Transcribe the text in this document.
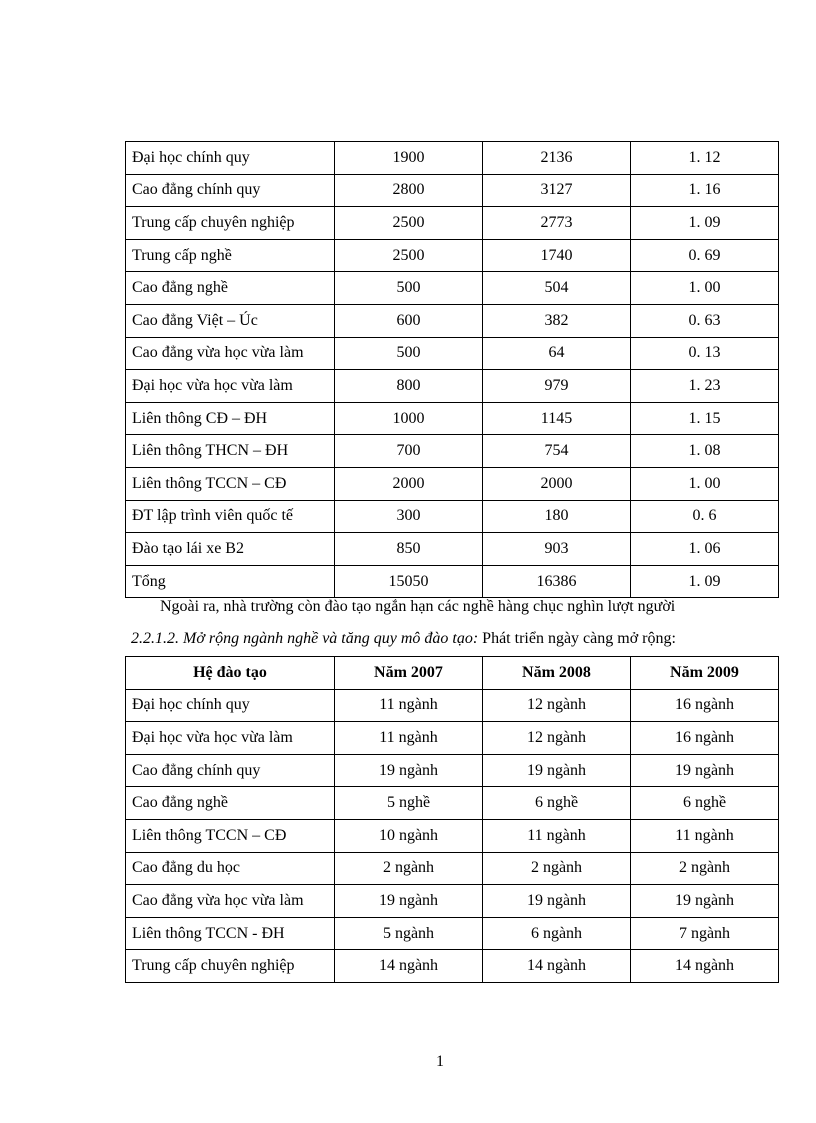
Đại học chính quy	1900	2136	1. 12
Cao đẳng chính quy	2800	3127	1. 16
Trung cấp chuyên nghiệp	2500	2773	1. 09
Trung cấp nghề	2500	1740	0. 69
Cao đẳng nghề	500	504	1. 00
Cao đẳng Việt – Úc	600	382	0. 63
Cao đẳng vừa học vừa làm	500	64	0. 13
Đại học vừa học vừa làm	800	979	1. 23
Liên thông CĐ – ĐH	1000	1145	1. 15
Liên thông THCN – ĐH	700	754	1. 08
Liên thông TCCN – CĐ	2000	2000	1. 00
ĐT lập trình viên quốc tế	300	180	0. 6
Đào tạo lái xe B2	850	903	1. 06
Tổng	15050	16386	1. 09
Ngoài ra, nhà trường còn đào tạo ngắn hạn các nghề hàng chục nghìn lượt người
2.2.1.2. Mở rộng ngành nghề và tăng quy mô đào tạo: Phát triển ngày càng mở rộng:
Hệ đào tạo	Năm 2007	Năm 2008	Năm 2009
Đại học chính quy	11 ngành	12 ngành	16 ngành
Đại học vừa học vừa làm	11 ngành	12 ngành	16 ngành
Cao đẳng chính quy	19 ngành	19 ngành	19 ngành
Cao đẳng nghề	5 nghề	6 nghề	6 nghề
Liên thông TCCN – CĐ	10 ngành	11 ngành	11 ngành
Cao đẳng du học	2 ngành	2 ngành	2 ngành
Cao đẳng vừa học vừa làm	19 ngành	19 ngành	19 ngành
Liên thông TCCN - ĐH	5 ngành	6 ngành	7 ngành
Trung cấp chuyên nghiệp	14 ngành	14 ngành	14 ngành
1
